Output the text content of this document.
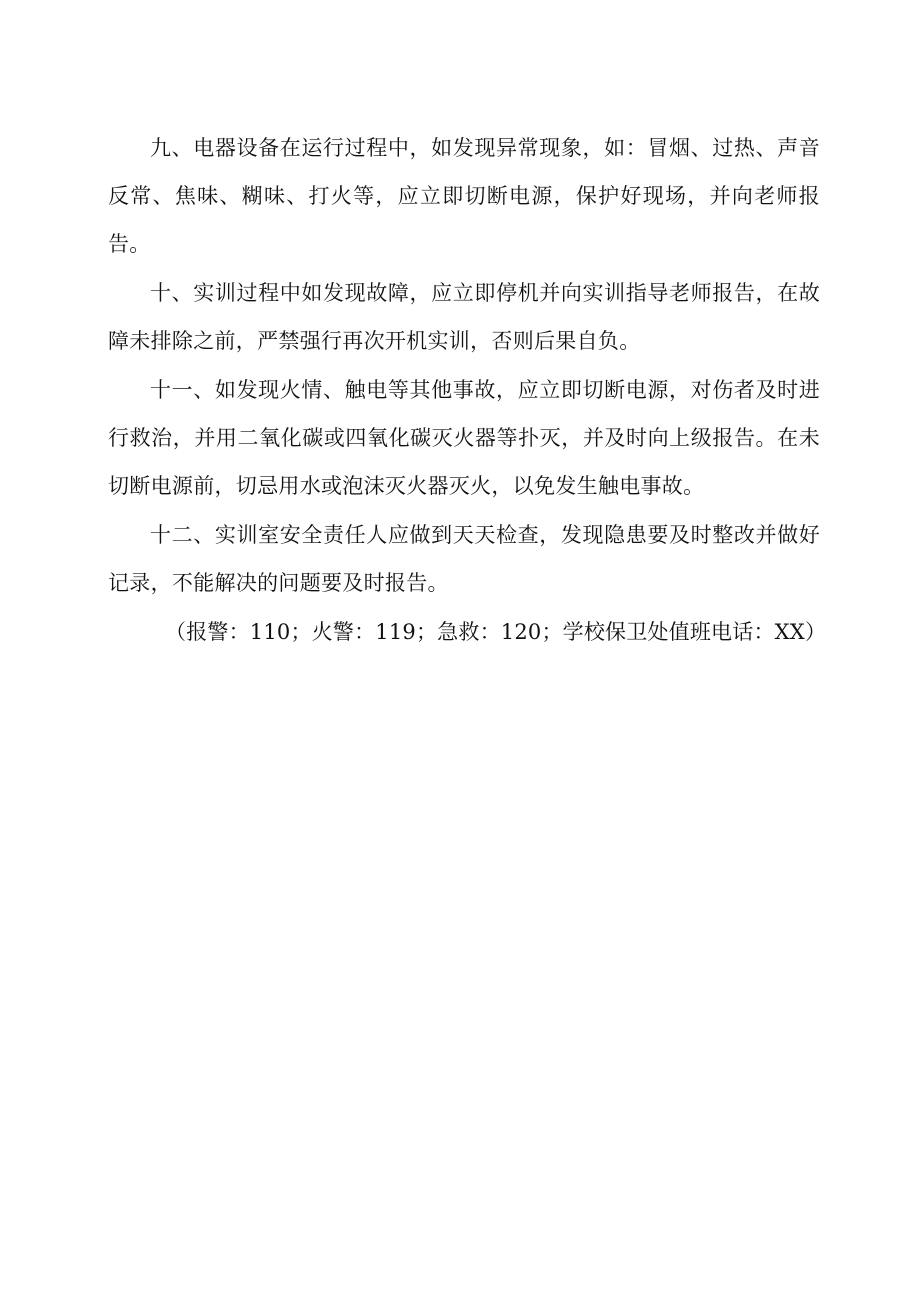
九、电器设备在运行过程中，如发现异常现象，如：冒烟、过热、声音反常、焦味、糊味、打火等，应立即切断电源，保护好现场，并向老师报告。

十、实训过程中如发现故障，应立即停机并向实训指导老师报告，在故障未排除之前，严禁强行再次开机实训，否则后果自负。

十一、如发现火情、触电等其他事故，应立即切断电源，对伤者及时进行救治，并用二氧化碳或四氧化碳灭火器等扑灭，并及时向上级报告。在未切断电源前，切忌用水或泡沫灭火器灭火，以免发生触电事故。

十二、实训室安全责任人应做到天天检查，发现隐患要及时整改并做好记录，不能解决的问题要及时报告。

（报警：110；火警：119；急救：120；学校保卫处值班电话：XX）
